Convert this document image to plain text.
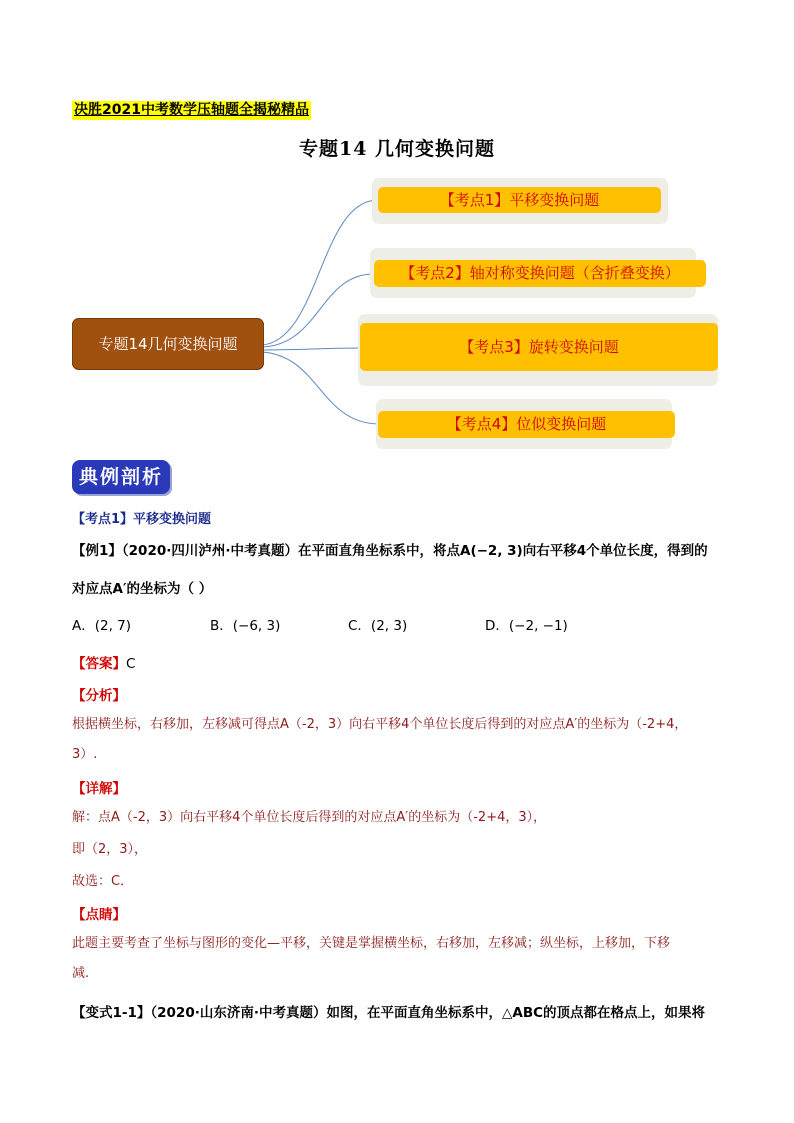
决胜2021中考数学压轴题全揭秘精品
专题14 几何变换问题
专题14几何变换问题
【考点1】平移变换问题
【考点2】轴对称变换问题（含折叠变换）
【考点3】旋转变换问题
【考点4】位似变换问题
典例剖析
【考点1】平移变换问题
【例1】（2020·四川泸州·中考真题）在平面直角坐标系中，将点A(−2, 3)向右平移4个单位长度，得到的
对应点A′的坐标为（ ）
A．(2, 7)	B．(−6, 3)	C．(2, 3)	D．(−2, −1)
【答案】C
【分析】
根据横坐标，右移加，左移减可得点A（-2，3）向右平移4个单位长度后得到的对应点A′的坐标为（-2+4，
3）.
【详解】
解：点A（-2，3）向右平移4个单位长度后得到的对应点A′的坐标为（-2+4，3），
即（2，3），
故选：C．
【点睛】
此题主要考查了坐标与图形的变化—平移，关键是掌握横坐标，右移加，左移减；纵坐标，上移加，下移
减.
【变式1-1】（2020·山东济南·中考真题）如图，在平面直角坐标系中，△ABC的顶点都在格点上，如果将
